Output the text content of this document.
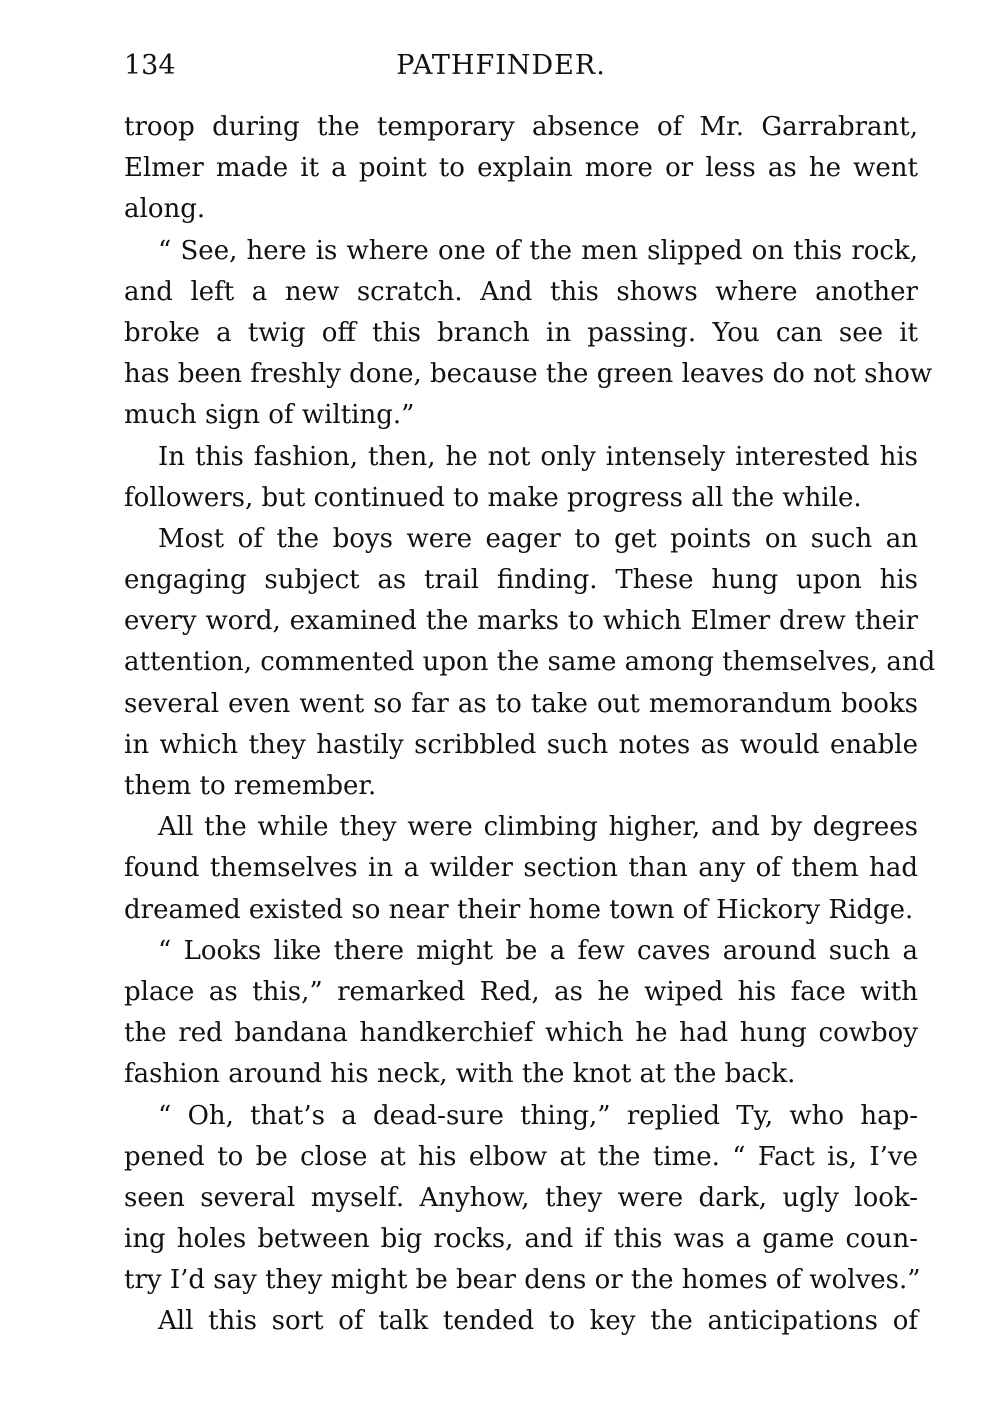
134	PATHFINDER.

troop during the temporary absence of Mr. Garrabrant,
Elmer made it a point to explain more or less as he went
along.

“ See, here is where one of the men slipped on this rock,
and left a new scratch. And this shows where another
broke a twig off this branch in passing. You can see it
has been freshly done, because the green leaves do not show
much sign of wilting.”

In this fashion, then, he not only intensely interested his
followers, but continued to make progress all the while.

Most of the boys were eager to get points on such an
engaging subject as trail finding. These hung upon his
every word, examined the marks to which Elmer drew their
attention, commented upon the same among themselves, and
several even went so far as to take out memorandum books
in which they hastily scribbled such notes as would enable
them to remember.

All the while they were climbing higher, and by degrees
found themselves in a wilder section than any of them had
dreamed existed so near their home town of Hickory Ridge.

“ Looks like there might be a few caves around such a
place as this,” remarked Red, as he wiped his face with
the red bandana handkerchief which he had hung cowboy
fashion around his neck, with the knot at the back.

“ Oh, that’s a dead-sure thing,” replied Ty, who hap-
pened to be close at his elbow at the time. “ Fact is, I’ve
seen several myself. Anyhow, they were dark, ugly look-
ing holes between big rocks, and if this was a game coun-
try I’d say they might be bear dens or the homes of wolves.”

All this sort of talk tended to key the anticipations of
